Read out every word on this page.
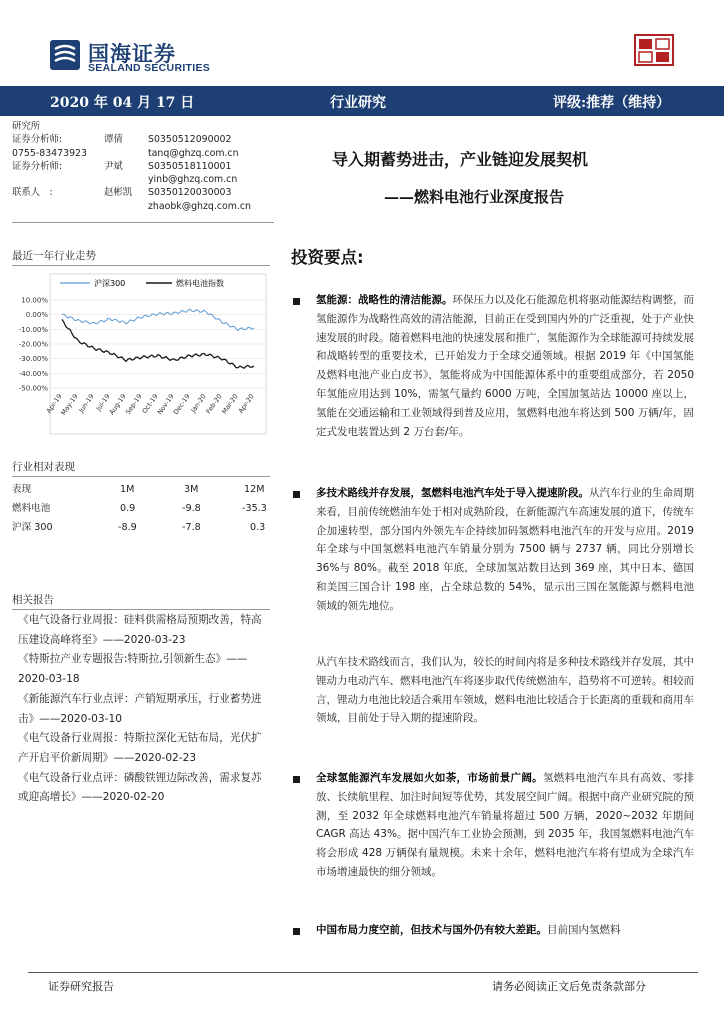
国海证券
SEALAND SECURITIES
2020 年 04 月 17 日	行业研究	评级:推荐（维持）
研究所
证券分析师:	谭倩	S0350512090002
0755-83473923	tanq@ghzq.com.cn
证券分析师:	尹斌	S0350518110001
yinb@ghzq.com.cn
联系人　:	赵彬凯 S0350120030003
zhaobk@ghzq.com.cn
导入期蓄势进击，产业链迎发展契机
——燃料电池行业深度报告
最近一年行业走势
沪深300	燃料电池指数
10.00%
0.00%
-10.00%
-20.00%
-30.00%
-40.00%
-50.00%
Apr-19
May-19
Jun-19
Jul-19
Aug-19
Sep-19
Oct-19
Nov-19
Dec-19
Jan-20
Feb-20
Mar-20
Apr-20
行业相对表现
表现	1M	3M	12M
燃料电池	0.9	-9.8	-35.3
沪深 300	-8.9	-7.8	0.3
相关报告

《电气设备行业周报：硅料供需格局预期改善，特高压建设高峰将至》——2020-03-23

《特斯拉产业专题报告:特斯拉,引领新生态》——2020-03-18

《新能源汽车行业点评：产销短期承压，行业蓄势进击》——2020-03-10

《电气设备行业周报：特斯拉深化无钴布局，光伏扩产开启平价新周期》——2020-02-23

《电气设备行业点评：磷酸铁锂边际改善，需求复苏或迎高增长》——2020-02-20

投资要点:

氢能源：战略性的清洁能源。环保压力以及化石能源危机将驱动能源结构调整，而氢能源作为战略性高效的清洁能源，目前正在受到国内外的广泛重视，处于产业快速发展的时段。随着燃料电池的快速发展和推广，氢能源作为全球能源可持续发展和战略转型的重要技术，已开始发力于全球交通领域。根据 2019 年《中国氢能及燃料电池产业白皮书》，氢能将成为中国能源体系中的重要组成部分，若 2050 年氢能应用达到 10%，需氢气量约 6000 万吨，全国加氢站达 10000 座以上，氢能在交通运输和工业领域得到普及应用，氢燃料电池车将达到 500 万辆/年，固定式发电装置达到 2 万台套/年。

多技术路线并存发展，氢燃料电池汽车处于导入提速阶段。从汽车行业的生命周期来看，目前传统燃油车处于相对成熟阶段，在新能源汽车高速发展的道下，传统车企加速转型，部分国内外领先车企持续加码氢燃料电池汽车的开发与应用。2019 年全球与中国氢燃料电池汽车销量分别为 7500 辆与 2737 辆，同比分别增长 36%与 80%。截至 2018 年底，全球加氢站数目达到 369 座，其中日本、德国和美国三国合计 198 座，占全球总数的 54%，显示出三国在氢能源与燃料电池领域的领先地位。

从汽车技术路线而言，我们认为，较长的时间内将是多种技术路线并存发展，其中锂动力电动汽车、燃料电池汽车将逐步取代传统燃油车，趋势将不可逆转。相较而言，锂动力电池比较适合乘用车领域，燃料电池比较适合于长距离的重载和商用车领域，目前处于导入期的提速阶段。

全球氢能源汽车发展如火如荼，市场前景广阔。氢燃料电池汽车具有高效、零排放、长续航里程、加注时间短等优势，其发展空间广阔。根据中商产业研究院的预测，至 2032 年全球燃料电池汽车销量将超过 500 万辆，2020~2032 年期间 CAGR 高达 43%。据中国汽车工业协会预测，到 2035 年，我国氢燃料电池汽车将会形成 428 万辆保有量规模。未来十余年，燃料电池汽车将有望成为全球汽车市场增速最快的细分领域。

中国布局力度空前，但技术与国外仍有较大差距。目前国内氢燃料

证券研究报告	请务必阅读正文后免责条款部分
